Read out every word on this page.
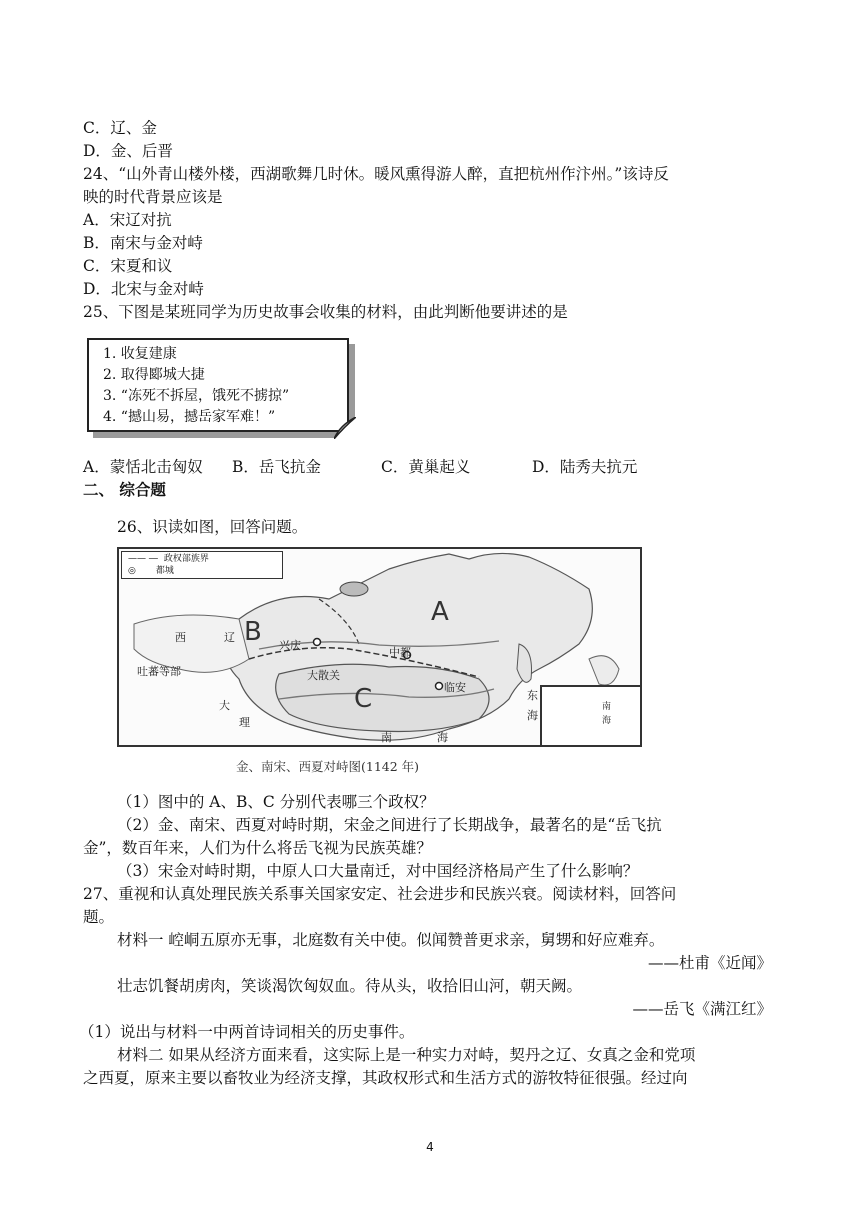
C．辽、金
D．金、后晋
24、“山外青山楼外楼，西湖歌舞几时休。暖风熏得游人醉，直把杭州作汴州。”该诗反
映的时代背景应该是
A．宋辽对抗
B．南宋与金对峙
C．宋夏和议
D．北宋与金对峙
25、下图是某班同学为历史故事会收集的材料，由此判断他要讲述的是
1. 收复建康
2. 取得郾城大捷
3. “冻死不拆屋，饿死不掳掠”
4. “撼山易，撼岳家军难！”
A．蒙恬北击匈奴 B．岳飞抗金	C．黄巢起义	D．陆秀夫抗元
二、 综合题
26、识读如图，回答问题。
—— ― 政权部族界
◎ 都城
A
B
C
西	辽
兴庆
中都
吐蕃等部	大散关
临安
大
理
东
海
南	海
南
海
金、南宋、西夏对峙图(1142 年)
（1）图中的 A、B、C 分别代表哪三个政权？
（2）金、南宋、西夏对峙时期，宋金之间进行了长期战争，最著名的是“岳飞抗
金”，数百年来，人们为什么将岳飞视为民族英雄？
（3）宋金对峙时期，中原人口大量南迁，对中国经济格局产生了什么影响？
27、重视和认真处理民族关系事关国家安定、社会进步和民族兴衰。阅读材料，回答问
题。
材料一 崆峒五原亦无事，北庭数有关中使。似闻赞普更求亲，舅甥和好应难弃。
——杜甫《近闻》
壮志饥餐胡虏肉，笑谈渴饮匈奴血。待从头，收拾旧山河，朝天阙。
——岳飞《满江红》
（1）说出与材料一中两首诗词相关的历史事件。
材料二 如果从经济方面来看，这实际上是一种实力对峙，契丹之辽、女真之金和党项
之西夏，原来主要以畜牧业为经济支撑，其政权形式和生活方式的游牧特征很强。经过向
4
